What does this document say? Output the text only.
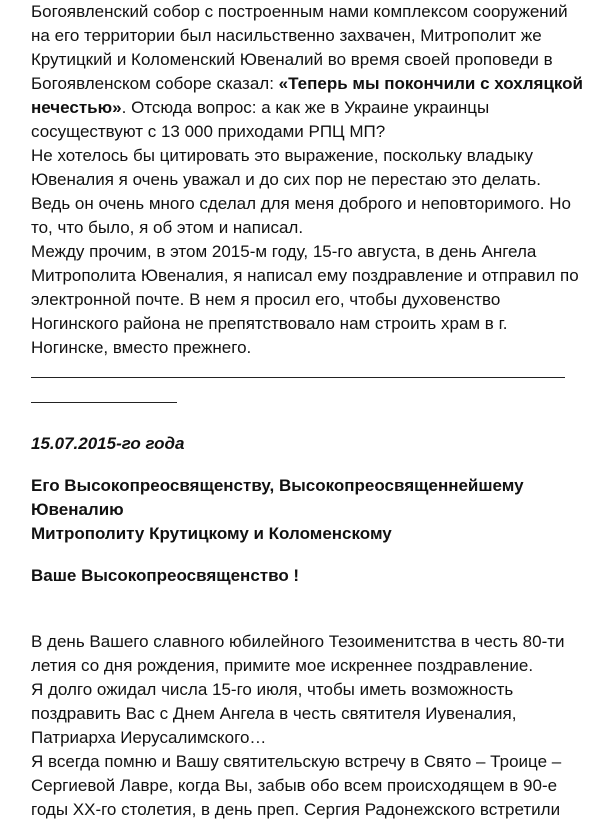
Богоявленский собор с построенным нами комплексом сооружений
на его территории был насильственно захвачен, Митрополит же
Крутицкий и Коломенский Ювеналий во время своей проповеди в
Богоявленском соборе сказал: «Теперь мы покончили с хохляцкой
нечестью». Отсюда вопрос: а как же в Украине украинцы
сосуществуют с 13 000 приходами РПЦ МП?
Не хотелось бы цитировать это выражение, поскольку владыку
Ювеналия я очень уважал и до сих пор не перестаю это делать.
Ведь он очень много сделал для меня доброго и неповторимого. Но
то, что было, я об этом и написал.
Между прочим, в этом 2015-м году, 15-го августа, в день Ангела
Митрополита Ювеналия, я написал ему поздравление и отправил по
электронной почте. В нем я просил его, чтобы духовенство
Ногинского района не препятствовало нам строить храм в г.
Ногинске, вместо прежнего.
15.07.2015-го года
Его Высокопреосвященству, Высокопреосвященнейшему
Ювеналию
Митрополиту Крутицкому и Коломенскому
Ваше Высокопреосвященство !
В день Вашего славного юбилейного Тезоименитства в честь 80-ти
летия со дня рождения, примите мое искреннее поздравление.
Я долго ожидал числа 15-го июля, чтобы иметь возможность
поздравить Вас с Днем Ангела в честь святителя Иувеналия,
Патриарха Иерусалимского…
Я всегда помню и Вашу святительскую встречу в Свято – Троице –
Сергиевой Лавре, когда Вы, забыв обо всем происходящем в 90-е
годы ХХ-го столетия, в день преп. Сергия Радонежского встретили
